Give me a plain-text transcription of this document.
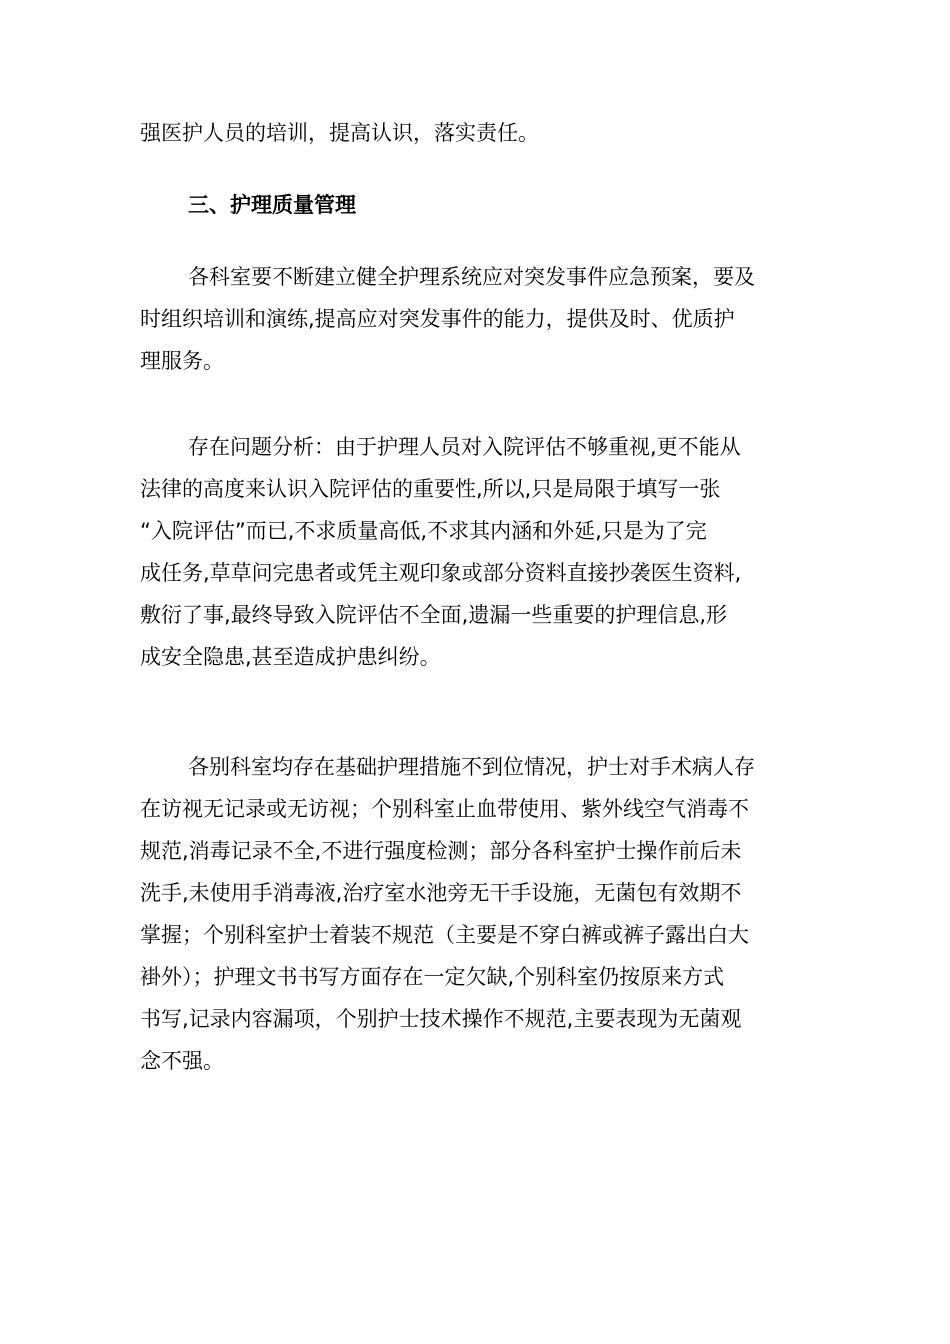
强医护人员的培训，提高认识，落实责任。
三、护理质量管理
各科室要不断建立健全护理系统应对突发事件应急预案，要及
时组织培训和演练,提高应对突发事件的能力，提供及时、优质护
理服务。
存在问题分析：由于护理人员对入院评估不够重视,更不能从
法律的高度来认识入院评估的重要性,所以,只是局限于填写一张
“入院评估”而已,不求质量高低,不求其内涵和外延,只是为了完
成任务,草草问完患者或凭主观印象或部分资料直接抄袭医生资料,
敷衍了事,最终导致入院评估不全面,遗漏一些重要的护理信息,形
成安全隐患,甚至造成护患纠纷。
各别科室均存在基础护理措施不到位情况，护士对手术病人存
在访视无记录或无访视；个别科室止血带使用、紫外线空气消毒不
规范,消毒记录不全,不进行强度检测；部分各科室护士操作前后未
洗手,未使用手消毒液,治疗室水池旁无干手设施，无菌包有效期不
掌握；个别科室护士着装不规范（主要是不穿白裤或裤子露出白大
褂外）；护理文书书写方面存在一定欠缺,个别科室仍按原来方式
书写,记录内容漏项，个别护士技术操作不规范,主要表现为无菌观
念不强。
